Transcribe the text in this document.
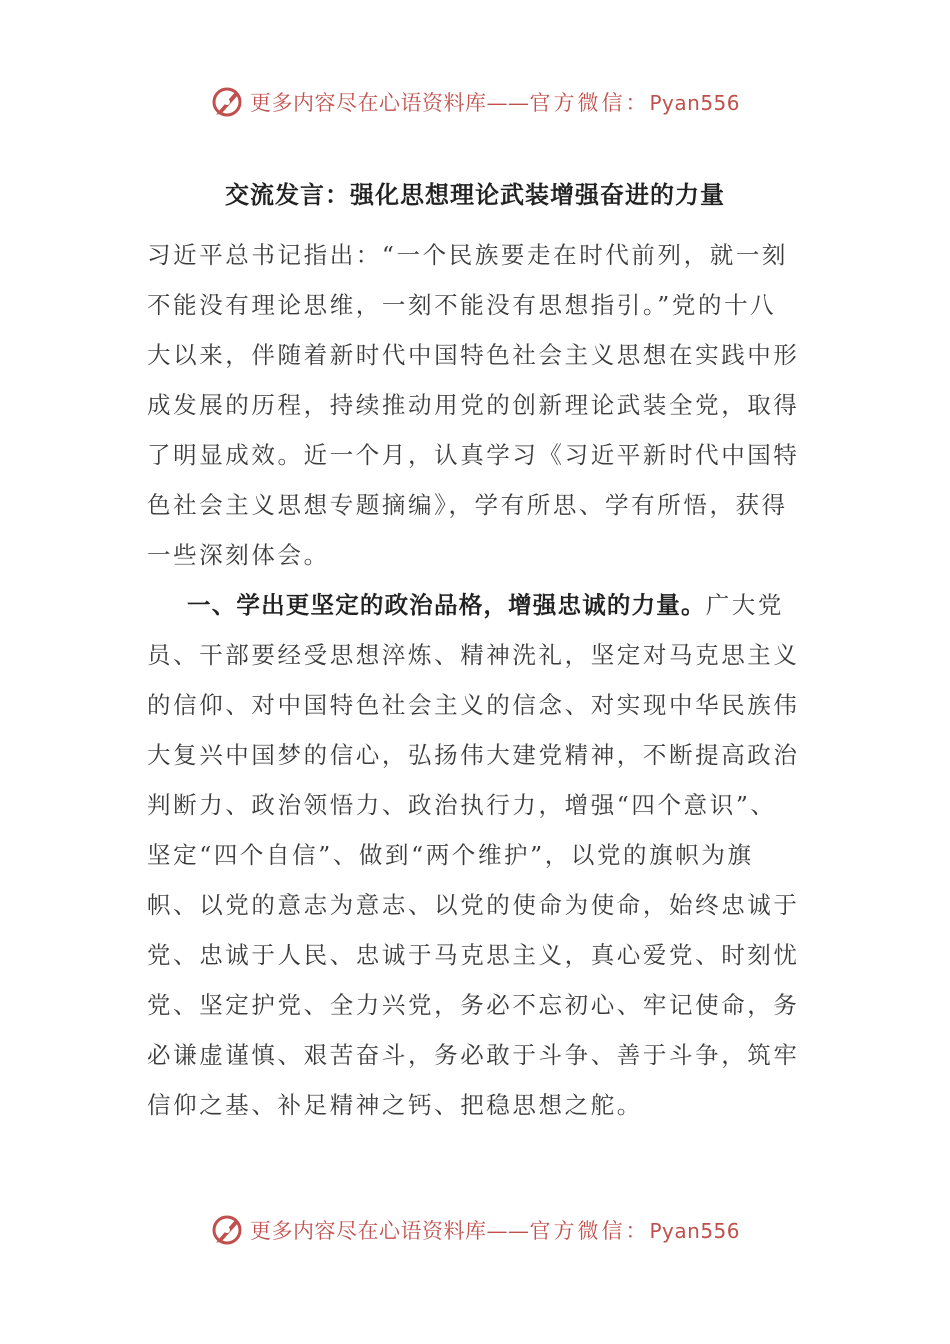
更多内容尽在心语资料库——官方微信：Pyan556
交流发言：强化思想理论武装增强奋进的力量
习近平总书记指出：“一个民族要走在时代前列，就一刻
不能没有理论思维，一刻不能没有思想指引。”党的十八
大以来，伴随着新时代中国特色社会主义思想在实践中形
成发展的历程，持续推动用党的创新理论武装全党，取得
了明显成效。近一个月，认真学习《习近平新时代中国特
色社会主义思想专题摘编》，学有所思、学有所悟，获得
一些深刻体会。
一、学出更坚定的政治品格，增强忠诚的力量。广大党
员、干部要经受思想淬炼、精神洗礼，坚定对马克思主义
的信仰、对中国特色社会主义的信念、对实现中华民族伟
大复兴中国梦的信心，弘扬伟大建党精神，不断提高政治
判断力、政治领悟力、政治执行力，增强“四个意识”、
坚定“四个自信”、做到“两个维护”，以党的旗帜为旗
帜、以党的意志为意志、以党的使命为使命，始终忠诚于
党、忠诚于人民、忠诚于马克思主义，真心爱党、时刻忧
党、坚定护党、全力兴党，务必不忘初心、牢记使命，务
必谦虚谨慎、艰苦奋斗，务必敢于斗争、善于斗争，筑牢
信仰之基、补足精神之钙、把稳思想之舵。
更多内容尽在心语资料库——官方微信：Pyan556
